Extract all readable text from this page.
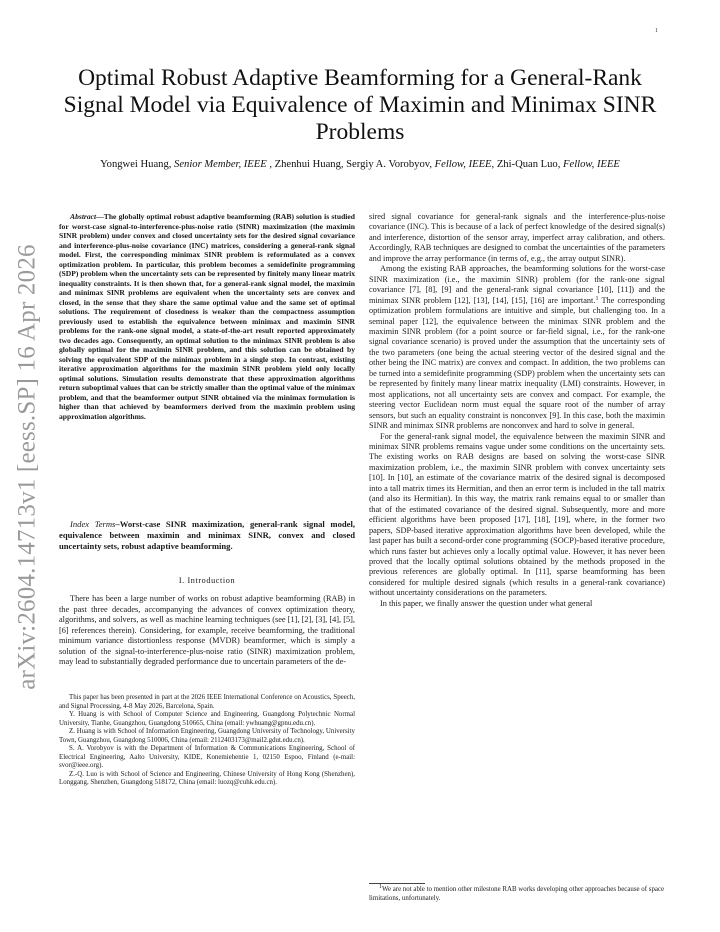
1
arXiv:2604.14713v1 [eess.SP] 16 Apr 2026
Optimal Robust Adaptive Beamforming for a General-Rank Signal Model via Equivalence of Maximin and Minimax SINR Problems
Yongwei Huang, Senior Member, IEEE , Zhenhui Huang, Sergiy A. Vorobyov, Fellow, IEEE, Zhi-Quan Luo, Fellow, IEEE
Abstract—The globally optimal robust adaptive beamforming (RAB) solution is studied for worst-case signal-to-interference-plus-noise ratio (SINR) maximization (the maximin SINR problem) under convex and closed uncertainty sets for the desired signal covariance and interference-plus-noise covariance (INC) matrices, considering a general-rank signal model. First, the corresponding minimax SINR problem is reformulated as a convex optimization problem. In particular, this problem becomes a semidefinite programming (SDP) problem when the uncertainty sets can be represented by finitely many linear matrix inequality constraints. It is then shown that, for a general-rank signal model, the maximin and minimax SINR problems are equivalent when the uncertainty sets are convex and closed, in the sense that they share the same optimal value and the same set of optimal solutions. The requirement of closedness is weaker than the compactness assumption previously used to establish the equivalence between minimax and maximin SINR problems for the rank-one signal model, a state-of-the-art result reported approximately two decades ago. Consequently, an optimal solution to the minimax SINR problem is also globally optimal for the maximin SINR problem, and this solution can be obtained by solving the equivalent SDP of the minimax problem in a single step. In contrast, existing iterative approximation algorithms for the maximin SINR problem yield only locally optimal solutions. Simulation results demonstrate that these approximation algorithms return suboptimal values that can be strictly smaller than the optimal value of the minimax problem, and that the beamformer output SINR obtained via the minimax formulation is higher than that achieved by beamformers derived from the maximin problem using approximation algorithms.
Index Terms–Worst-case SINR maximization, general-rank signal model, equivalence between maximin and minimax SINR, convex and closed uncertainty sets, robust adaptive beamforming.
I. Introduction

There has been a large number of works on robust adaptive beamforming (RAB) in the past three decades, accompanying the advances of convex optimization theory, algorithms, and solvers, as well as machine learning techniques (see [1], [2], [3], [4], [5], [6] references therein). Considering, for example, receive beamforming, the traditional minimum variance distortionless response (MVDR) beamformer, which is simply a solution of the signal-to-interference-plus-noise ratio (SINR) maximization problem, may lead to substantially degraded performance due to uncertain parameters of the de-

This paper has been presented in part at the 2026 IEEE International Conference on Acoustics, Speech, and Signal Processing, 4-8 May 2026, Barcelona, Spain.

Y. Huang is with School of Computer Science and Engineering, Guangdong Polytechnic Normal University, Tianhe, Guangzhou, Guangdong 510665, China (email: ywhuang@gpnu.edu.cn).

Z. Huang is with School of Information Engineering, Guangdong University of Technology, University Town, Guangzhou, Guangdong 510006, China (email: 2112403173@mail2.gdut.edu.cn).

S. A. Vorobyov is with the Department of Information & Communications Engineering, School of Electrical Engineering, Aalto University, KIDE, Konemiehentie 1, 02150 Espoo, Finland (e-mail: svor@ieee.org).

Z.-Q. Luo is with School of Science and Engineering, Chinese University of Hong Kong (Shenzhen), Longgang, Shenzhen, Guangdong 518172, China (email: luozq@cuhk.edu.cn).

sired signal covariance for general-rank signals and the interference-plus-noise covariance (INC). This is because of a lack of perfect knowledge of the desired signal(s) and interference, distortion of the sensor array, imperfect array calibration, and others. Accordingly, RAB techniques are designed to combat the uncertainties of the parameters and improve the array performance (in terms of, e.g., the array output SINR).

Among the existing RAB approaches, the beamforming solutions for the worst-case SINR maximization (i.e., the maximin SINR) problem (for the rank-one signal covariance [7], [8], [9] and the general-rank signal covariance [10], [11]) and the minimax SINR problem [12], [13], [14], [15], [16] are important.$^1$ The corresponding optimization problem formulations are intuitive and simple, but challenging too. In a seminal paper [12], the equivalence between the minimax SINR problem and the maximin SINR problem (for a point source or far-field signal, i.e., for the rank-one signal covariance scenario) is proved under the assumption that the uncertainty sets of the two parameters (one being the actual steering vector of the desired signal and the other being the INC matrix) are convex and compact. In addition, the two problems can be turned into a semidefinite programming (SDP) problem when the uncertainty sets can be represented by finitely many linear matrix inequality (LMI) constraints. However, in most applications, not all uncertainty sets are convex and compact. For example, the steering vector Euclidean norm must equal the square root of the number of array sensors, but such an equality constraint is nonconvex [9]. In this case, both the maximin SINR and minimax SINR problems are nonconvex and hard to solve in general.

For the general-rank signal model, the equivalence between the maximin SINR and minimax SINR problems remains vague under some conditions on the uncertainty sets. The existing works on RAB designs are based on solving the worst-case SINR maximization problem, i.e., the maximin SINR problem with convex uncertainty sets [10]. In [10], an estimate of the covariance matrix of the desired signal is decomposed into a tall matrix times its Hermitian, and then an error term is included in the tall matrix (and also its Hermitian). In this way, the matrix rank remains equal to or smaller than that of the estimated covariance of the desired signal. Subsequently, more and more efficient algorithms have been proposed [17], [18], [19], where, in the former two papers, SDP-based iterative approximation algorithms have been developed, while the last paper has built a second-order cone programming (SOCP)-based iterative procedure, which runs faster but achieves only a locally optimal value. However, it has never been proved that the locally optimal solutions obtained by the methods proposed in the previous references are globally optimal. In [11], sparse beamforming has been considered for multiple desired signals (which results in a general-rank covariance) without uncertainty considerations on the parameters.

In this paper, we finally answer the question under what general

$^1$We are not able to mention other milestone RAB works developing other approaches because of space limitations, unfortunately.
